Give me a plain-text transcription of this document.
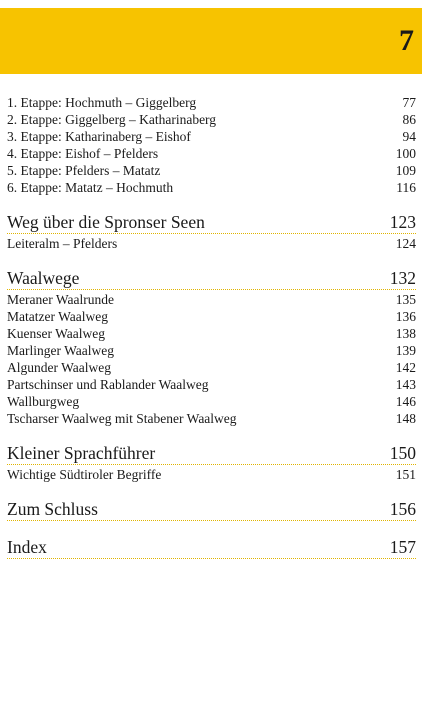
7
1. Etappe: Hochmuth – Giggelberg	77
2. Etappe: Giggelberg – Katharinaberg	86
3. Etappe: Katharinaberg – Eishof	94
4. Etappe: Eishof – Pfelders	100
5. Etappe: Pfelders – Matatz	109
6. Etappe: Matatz – Hochmuth	116
Weg über die Spronser Seen	123
Leiteralm – Pfelders	124
Waalwege	132
Meraner Waalrunde	135
Matatzer Waalweg	136
Kuenser Waalweg	138
Marlinger Waalweg	139
Algunder Waalweg	142
Partschinser und Rablander Waalweg	143
Wallburgweg	146
Tscharser Waalweg mit Stabener Waalweg	148
Kleiner Sprachführer	150
Wichtige Südtiroler Begriffe	151
Zum Schluss	156
Index	157
